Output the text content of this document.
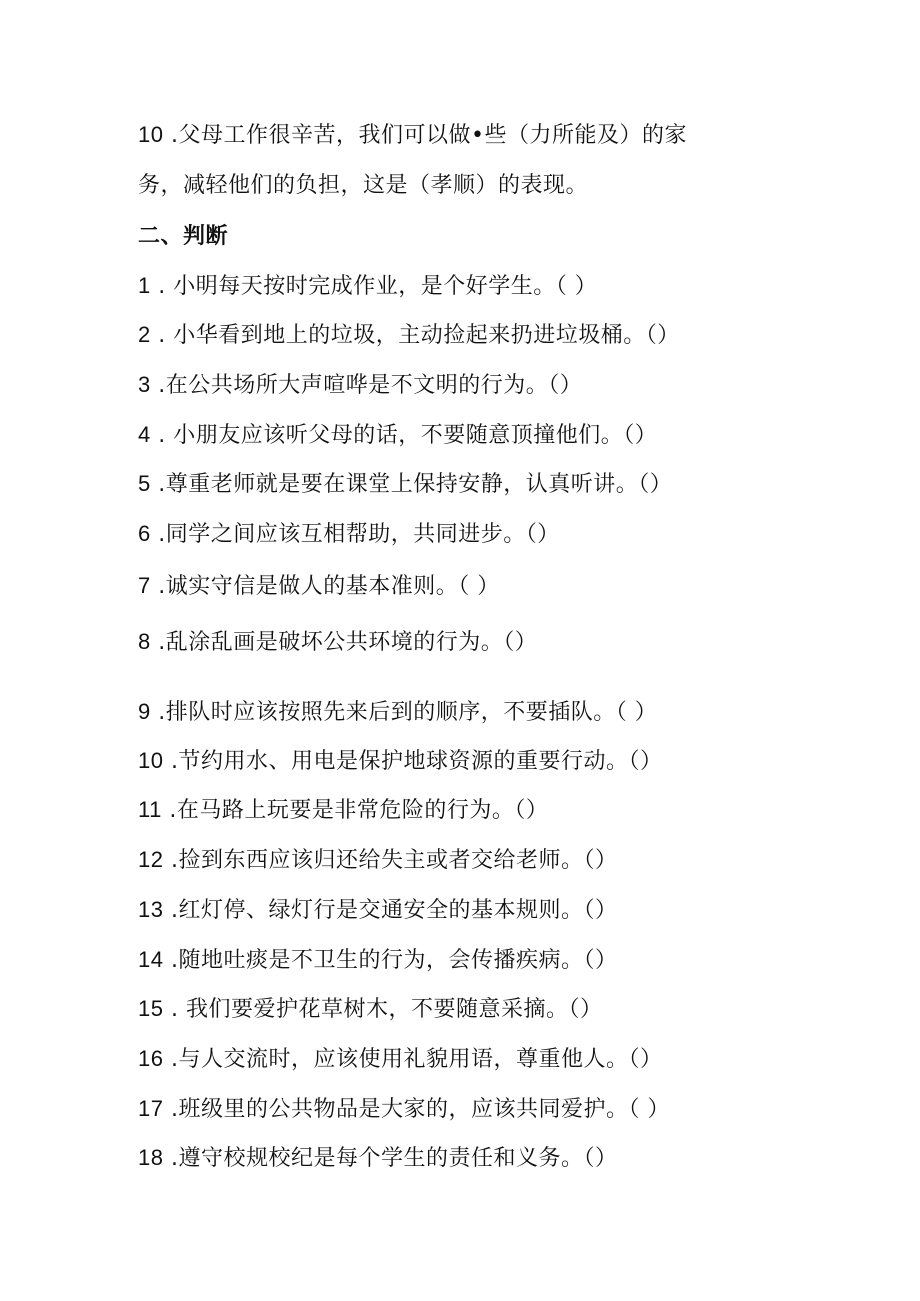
10 .父母工作很辛苦，我们可以做•些（力所能及）的家
务，减轻他们的负担，这是（孝顺）的表现。
二、判断
1 . 小明每天按时完成作业，是个好学生。（ ）
2 . 小华看到地上的垃圾，主动捡起来扔进垃圾桶。（）
3 .在公共场所大声喧哗是不文明的行为。（）
4 . 小朋友应该听父母的话，不要随意顶撞他们。（）
5 .尊重老师就是要在课堂上保持安静，认真听讲。（）
6 .同学之间应该互相帮助，共同进步。（）
7 .诚实守信是做人的基本准则。（ ）
8 .乱涂乱画是破坏公共环境的行为。（）
9 .排队时应该按照先来后到的顺序，不要插队。（ ）
10 .节约用水、用电是保护地球资源的重要行动。（）
11 .在马路上玩要是非常危险的行为。（）
12 .捡到东西应该归还给失主或者交给老师。（）
13 .红灯停、绿灯行是交通安全的基本规则。（）
14 .随地吐痰是不卫生的行为，会传播疾病。（）
15 . 我们要爱护花草树木，不要随意采摘。（）
16 .与人交流时，应该使用礼貌用语，尊重他人。（）
17 .班级里的公共物品是大家的，应该共同爱护。（ ）
18 .遵守校规校纪是每个学生的责任和义务。（）
